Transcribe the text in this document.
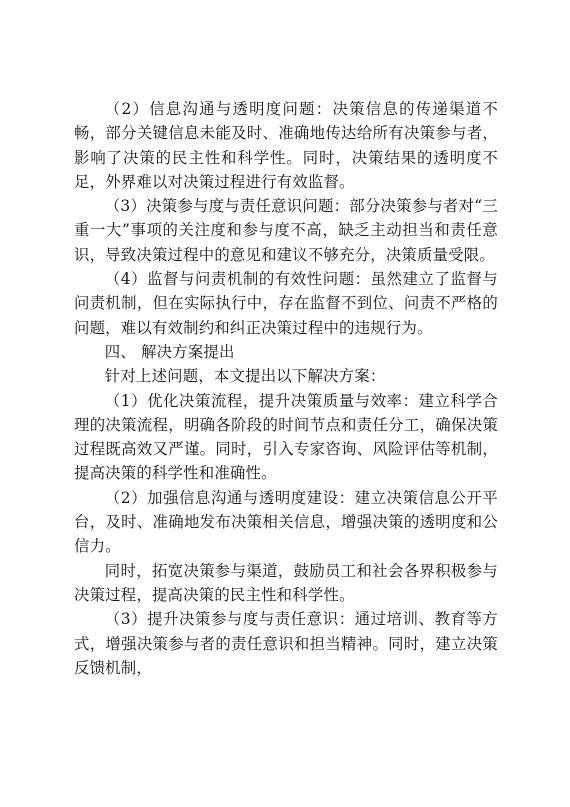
（2）信息沟通与透明度问题：决策信息的传递渠道不畅，部分关键信息未能及时、准确地传达给所有决策参与者，影响了决策的民主性和科学性。同时，决策结果的透明度不足，外界难以对决策过程进行有效监督。

（3）决策参与度与责任意识问题：部分决策参与者对“三重一大”事项的关注度和参与度不高，缺乏主动担当和责任意识，导致决策过程中的意见和建议不够充分，决策质量受限。

（4）监督与问责机制的有效性问题：虽然建立了监督与问责机制，但在实际执行中，存在监督不到位、问责不严格的问题，难以有效制约和纠正决策过程中的违规行为。

四、 解决方案提出

针对上述问题，本文提出以下解决方案：

（1）优化决策流程，提升决策质量与效率：建立科学合理的决策流程，明确各阶段的时间节点和责任分工，确保决策过程既高效又严谨。同时，引入专家咨询、风险评估等机制，提高决策的科学性和准确性。

（2）加强信息沟通与透明度建设：建立决策信息公开平台，及时、准确地发布决策相关信息，增强决策的透明度和公信力。

同时，拓宽决策参与渠道，鼓励员工和社会各界积极参与决策过程，提高决策的民主性和科学性。

（3）提升决策参与度与责任意识：通过培训、教育等方式，增强决策参与者的责任意识和担当精神。同时，建立决策反馈机制，
